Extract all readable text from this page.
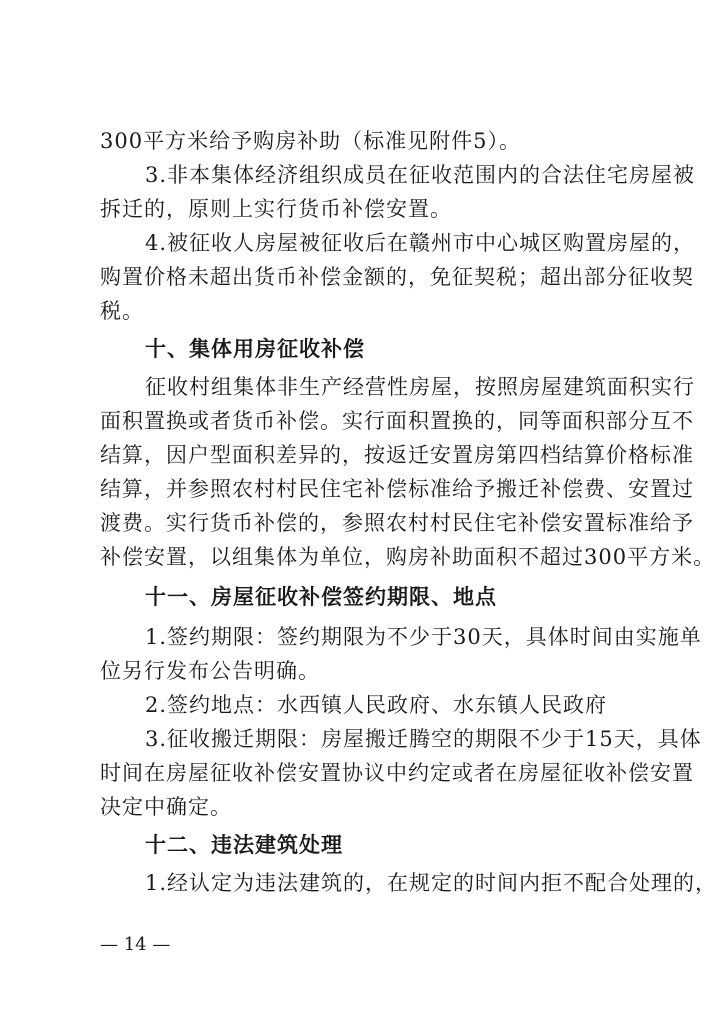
300平方米给予购房补助（标准见附件5）。
3.非本集体经济组织成员在征收范围内的合法住宅房屋被
拆迁的，原则上实行货币补偿安置。
4.被征收人房屋被征收后在赣州市中心城区购置房屋的，
购置价格未超出货币补偿金额的，免征契税；超出部分征收契
税。
十、集体用房征收补偿
征收村组集体非生产经营性房屋，按照房屋建筑面积实行
面积置换或者货币补偿。实行面积置换的，同等面积部分互不
结算，因户型面积差异的，按返迁安置房第四档结算价格标准
结算，并参照农村村民住宅补偿标准给予搬迁补偿费、安置过
渡费。实行货币补偿的，参照农村村民住宅补偿安置标准给予
补偿安置，以组集体为单位，购房补助面积不超过300平方米。
十一、房屋征收补偿签约期限、地点
1.签约期限：签约期限为不少于30天，具体时间由实施单
位另行发布公告明确。
2.签约地点：水西镇人民政府、水东镇人民政府
3.征收搬迁期限：房屋搬迁腾空的期限不少于15天，具体
时间在房屋征收补偿安置协议中约定或者在房屋征收补偿安置
决定中确定。
十二、违法建筑处理
1.经认定为违法建筑的，在规定的时间内拒不配合处理的，
— 14 —
